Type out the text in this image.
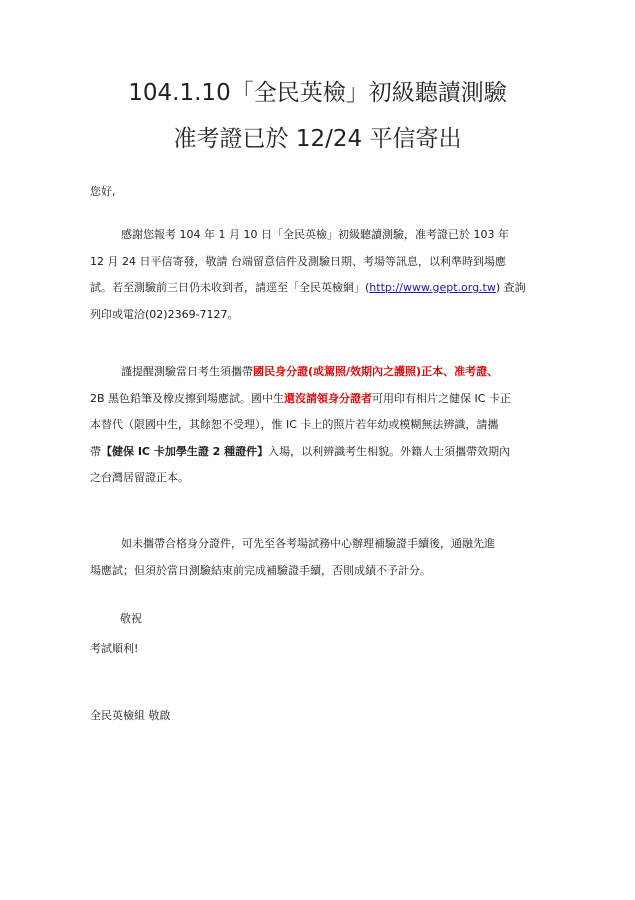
104.1.10「全民英檢」初級聽讀測驗
准考證已於 12/24 平信寄出
您好,
感謝您報考 104 年 1 月 10 日「全民英檢」初級聽讀測驗，准考證已於 103 年
12 月 24 日平信寄發，敬請 台端留意信件及測驗日期、考場等訊息，以利準時到場應
試。若至測驗前三日仍未收到者，請逕至「全民英檢網」(http://www.gept.org.tw) 查詢
列印或電洽(02)2369-7127。
謹提醒測驗當日考生須攜帶國民身分證(或駕照/效期內之護照)正本、准考證、
2B 黑色鉛筆及橡皮擦到場應試。國中生還沒請領身分證者可用印有相片之健保 IC 卡正
本替代（限國中生，其餘恕不受理），惟 IC 卡上的照片若年幼或模糊無法辨識，請攜
帶【健保 IC 卡加學生證 2 種證件】入場，以利辨識考生相貌。外籍人士須攜帶效期內
之台灣居留證正本。
如未攜帶合格身分證件，可先至各考場試務中心辦理補驗證手續後，通融先進
場應試；但須於當日測驗結束前完成補驗證手續，否則成績不予計分。
敬祝
考試順利!
全民英檢組 敬啟
